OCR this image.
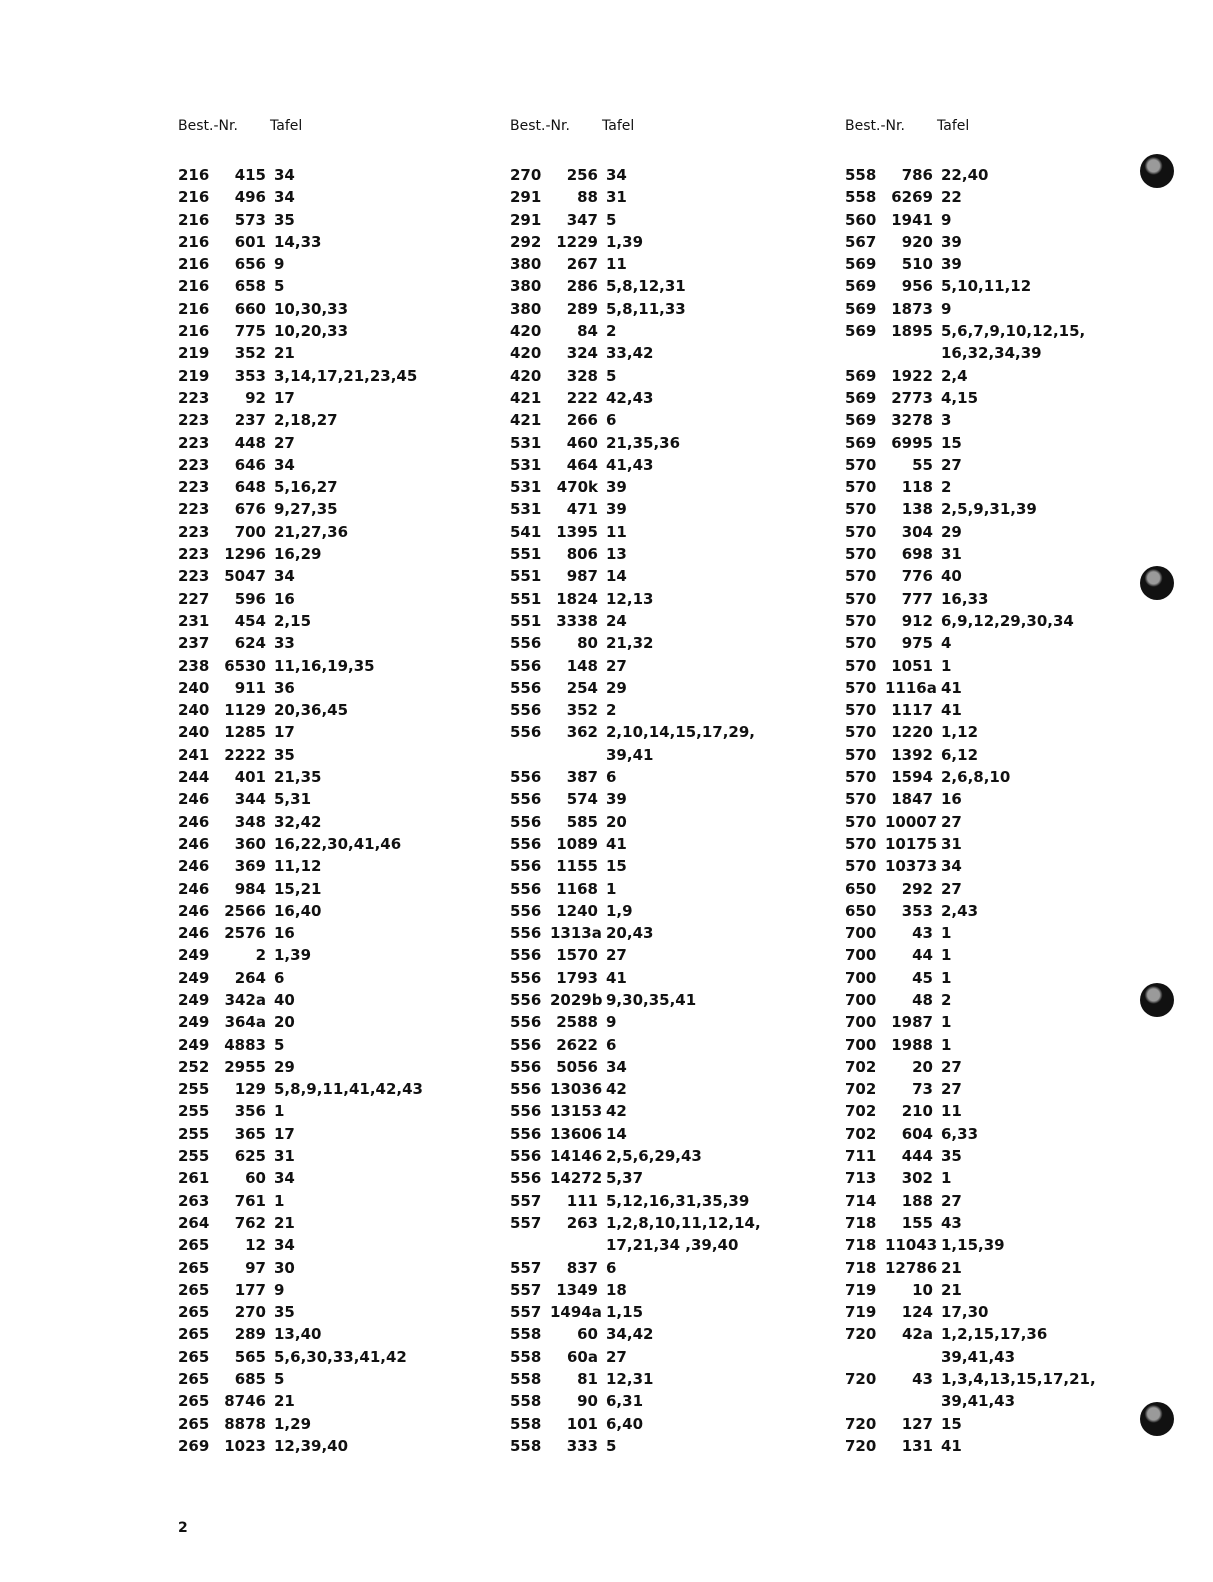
Best.-Nr. Tafel
216	415 34
216	496 34
216	573 35
216	601 14,33
216	656 9
216	658 5
216	660 10,30,33
216	775 10,20,33
219	352 21
219	353 3,14,17,21,23,45
223	92 17
223	237 2,18,27
223	448 27
223	646 34
223	648 5,16,27
223	676 9,27,35
223	700 21,27,36
223 1296 16,29
223 5047 34
227	596 16
231	454 2,15
237	624 33
238 6530 11,16,19,35
240	911 36
240 1129 20,36,45
240 1285 17
241 2222 35
244	401 21,35
246	344 5,31
246	348 32,42
246	360 16,22,30,41,46
246	369 11,12
246	984 15,21
246 2566 16,40
246 2576 16
249	2 1,39
249	264 6
249	342a 40
249	364a 20
249 4883 5
252 2955 29
255	129 5,8,9,11,41,42,43
255	356 1
255	365 17
255	625 31
261	60 34
263	761 1
264	762 21
265	12 34
265	97 30
265	177 9
265	270 35
265	289 13,40
265	565 5,6,30,33,41,42
265	685 5
265 8746 21
265 8878 1,29
269 1023 12,39,40
Best.-Nr. Tafel
270	256 34
291	88 31
291	347 5
292 1229 1,39
380	267 11
380	286 5,8,12,31
380	289 5,8,11,33
420	84 2
420	324 33,42
420	328 5
421	222 42,43
421	266 6
531	460 21,35,36
531	464 41,43
531	470k 39
531	471 39
541 1395 11
551	806 13
551	987 14
551 1824 12,13
551 3338 24
556	80 21,32
556	148 27
556	254 29
556	352 2
556	362 2,10,14,15,17,29,
39,41
556	387 6
556	574 39
556	585 20
556 1089 41
556 1155 15
556 1168 1
556 1240 1,9
556 1313a 20,43
556 1570 27
556 1793 41
556 2029b 9,30,35,41
556 2588 9
556 2622 6
556 5056 34
556 13036 42
556 13153 42
556 13606 14
556 14146 2,5,6,29,43
556 14272 5,37
557	111 5,12,16,31,35,39
557	263 1,2,8,10,11,12,14,
17,21,34 ,39,40
557	837 6
557 1349 18
557 1494a 1,15
558	60 34,42
558	60a 27
558	81 12,31
558	90 6,31
558	101 6,40
558	333 5
Best.-Nr. Tafel
558	786 22,40
558 6269 22
560 1941 9
567	920 39
569	510 39
569	956 5,10,11,12
569 1873 9
569 1895 5,6,7,9,10,12,15,
16,32,34,39
569 1922 2,4
569 2773 4,15
569 3278 3
569 6995 15
570	55 27
570	118 2
570	138 2,5,9,31,39
570	304 29
570	698 31
570	776 40
570	777 16,33
570	912 6,9,12,29,30,34
570	975 4
570 1051 1
570 1116a 41
570 1117 41
570 1220 1,12
570 1392 6,12
570 1594 2,6,8,10
570 1847 16
570 10007 27
570 10175 31
570 10373 34
650	292 27
650	353 2,43
700	43 1
700	44 1
700	45 1
700	48 2
700 1987 1
700 1988 1
702	20 27
702	73 27
702	210 11
702	604 6,33
711	444 35
713	302 1
714	188 27
718	155 43
718 11043 1,15,39
718 12786 21
719	10 21
719	124 17,30
720	42a 1,2,15,17,36
39,41,43
720	43 1,3,4,13,15,17,21,
39,41,43
720	127 15
720	131 41
2
